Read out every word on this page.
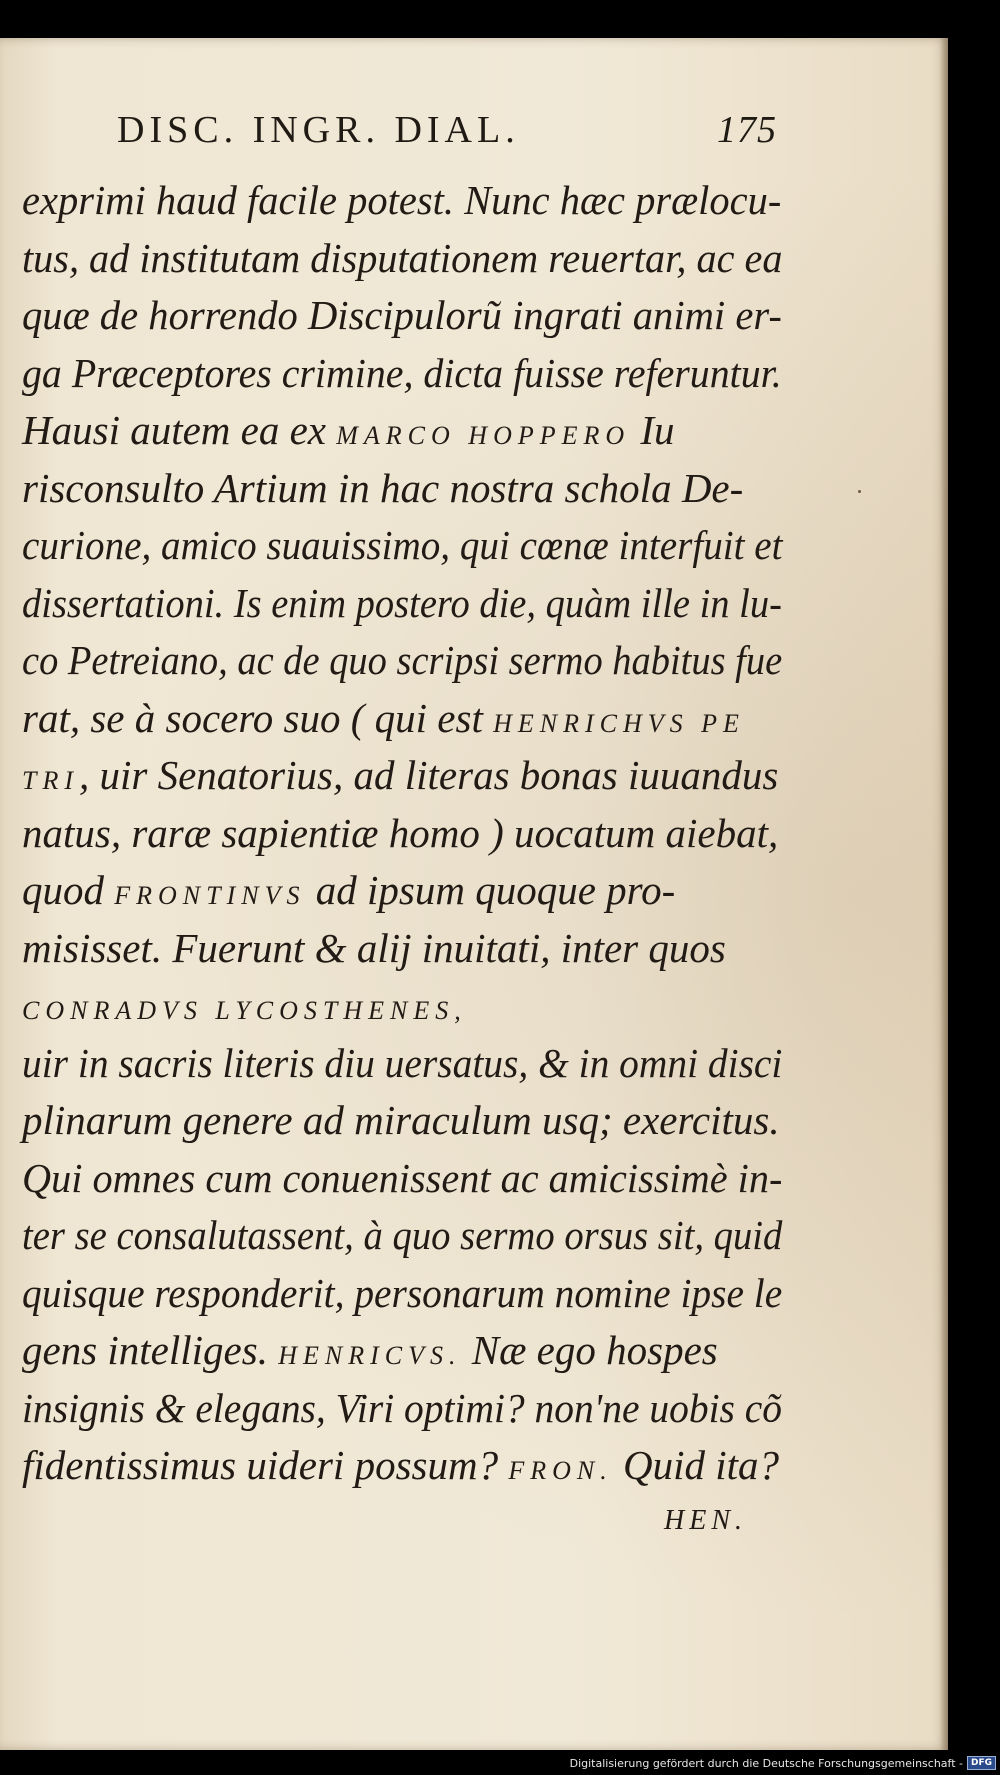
DISC. INGR. DIAL.	175
exprimi haud facile potest. Nunc hæc prælocu-
tus, ad institutam disputationem reuertar, ac ea
quæ de horrendo Discipulorũ ingrati animi er-
ga Præceptores crimine, dicta fuisse referuntur.
Hausi autem ea ex MARCO HOPPERO Iu
risconsulto Artium in hac nostra schola De-
curione, amico suauissimo, qui cœnæ interfuit et
dissertationi. Is enim postero die, quàm ille in lu-
co Petreiano, ac de quo scripsi sermo habitus fue
rat, se à socero suo ( qui est HENRICHVS PE
TRI, uir Senatorius, ad literas bonas iuuandus
natus, raræ sapientiæ homo ) uocatum aiebat,
quod FRONTINVS ad ipsum quoque pro-
misisset. Fuerunt & alij inuitati, inter quos
CONRADVS LYCOSTHENES,
uir in sacris literis diu uersatus, & in omni disci
plinarum genere ad miraculum usq; exercitus.
Qui omnes cum conuenissent ac amicissimè in-
ter se consalutassent, à quo sermo orsus sit, quid
quisque responderit, personarum nomine ipse le
gens intelliges. HENRICVS. Næ ego hospes
insignis & elegans, Viri optimi? non'ne uobis cõ
fidentissimus uideri possum? FRON. Quid ita?
HEN.
Digitalisierung gefördert durch die Deutsche Forschungsgemeinschaft - DFG
